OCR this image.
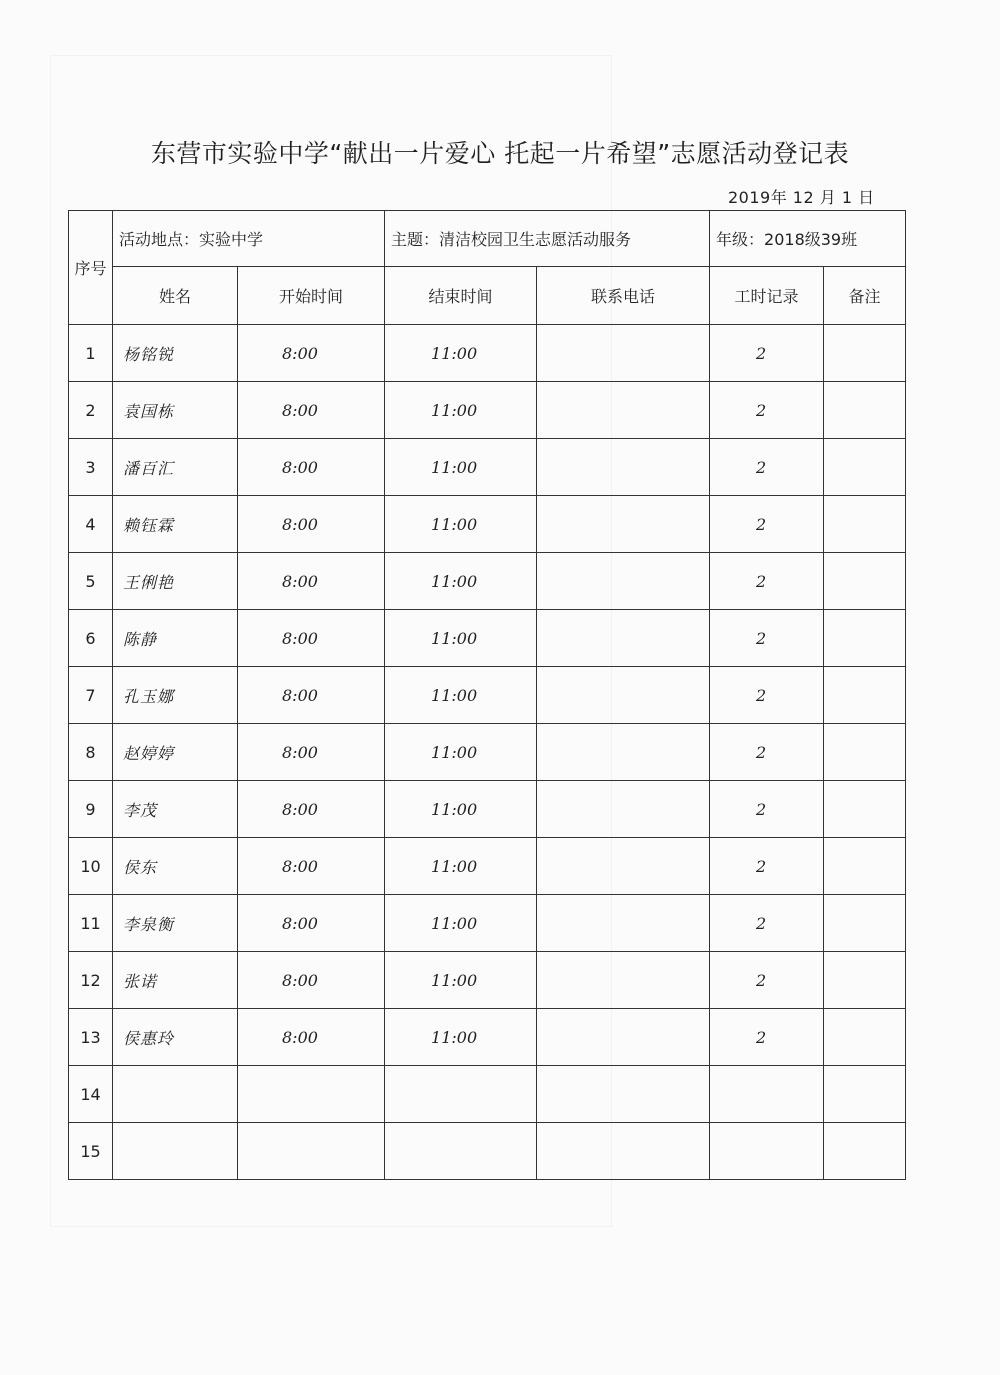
东营市实验中学“献出一片爱心 托起一片希望”志愿活动登记表
2019年 12 月 1 日
序号	活动地点：实验中学		主题：清洁校园卫生志愿活动服务		年级：2018级39班	
	姓名	开始时间	结束时间	联系电话	工时记录	备注
1	杨铭锐	8:00	11:00		2	
2	袁国栋	8:00	11:00		2	
3	潘百汇	8:00	11:00		2	
4	赖钰霖	8:00	11:00		2	
5	王俐艳	8:00	11:00		2	
6	陈静	8:00	11:00		2	
7	孔玉娜	8:00	11:00		2	
8	赵婷婷	8:00	11:00		2	
9	李茂	8:00	11:00		2	
10	侯东	8:00	11:00		2	
11	李泉衡	8:00	11:00		2	
12	张诺	8:00	11:00		2	
13	侯惠玲	8:00	11:00		2	
14						
15						
